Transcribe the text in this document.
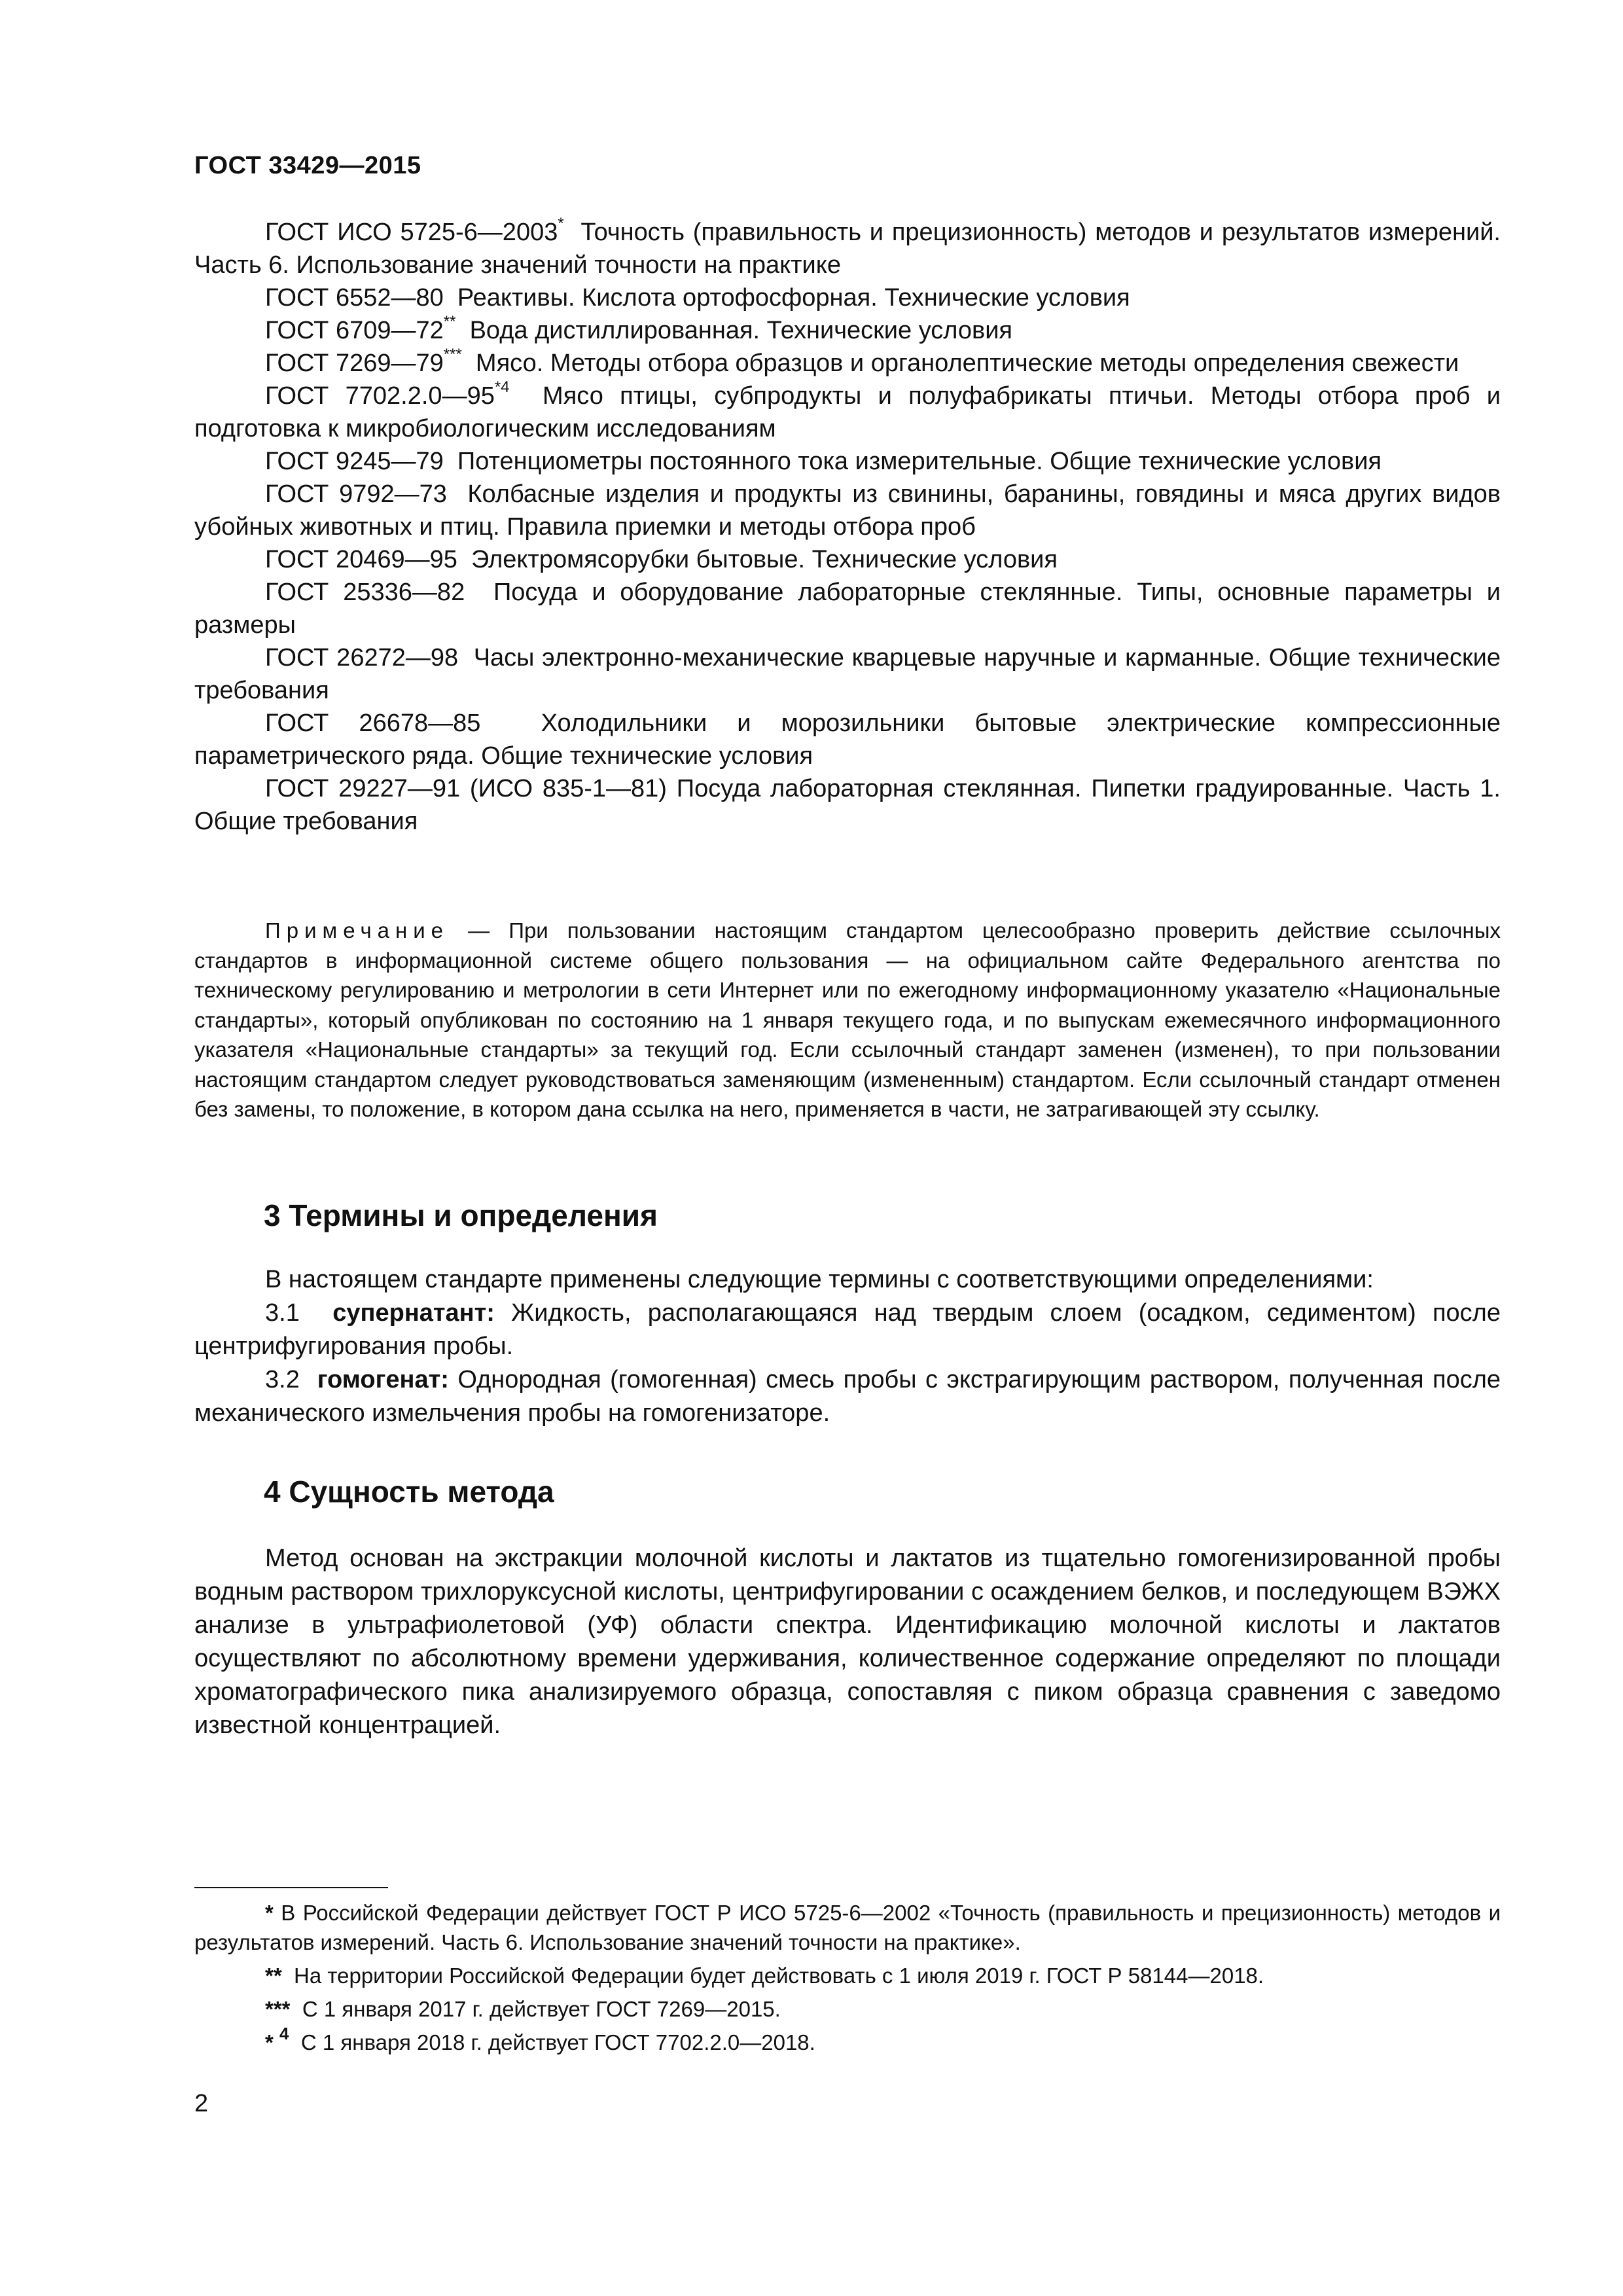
ГОСТ 33429—2015

ГОСТ ИСО 5725-6—2003* Точность (правильность и прецизионность) методов и результатов измерений. Часть 6. Использование значений точности на практике

ГОСТ 6552—80 Реактивы. Кислота ортофосфорная. Технические условия

ГОСТ 6709—72** Вода дистиллированная. Технические условия

ГОСТ 7269—79*** Мясо. Методы отбора образцов и органолептические методы определения свежести

ГОСТ 7702.2.0—95$^{*4}$ Мясо птицы, субпродукты и полуфабрикаты птичьи. Методы отбора проб и подготовка к микробиологическим исследованиям

ГОСТ 9245—79 Потенциометры постоянного тока измерительные. Общие технические условия

ГОСТ 9792—73 Колбасные изделия и продукты из свинины, баранины, говядины и мяса других видов убойных животных и птиц. Правила приемки и методы отбора проб

ГОСТ 20469—95 Электромясорубки бытовые. Технические условия

ГОСТ 25336—82 Посуда и оборудование лабораторные стеклянные. Типы, основные параметры и размеры

ГОСТ 26272—98 Часы электронно-механические кварцевые наручные и карманные. Общие технические требования

ГОСТ 26678—85 Холодильники и морозильники бытовые электрические компрессионные параметрического ряда. Общие технические условия

ГОСТ 29227—91 (ИСО 835-1—81) Посуда лабораторная стеклянная. Пипетки градуированные. Часть 1. Общие требования

Примечание — При пользовании настоящим стандартом целесообразно проверить действие ссылочных стандартов в информационной системе общего пользования — на официальном сайте Федерального агентства по техническому регулированию и метрологии в сети Интернет или по ежегодному информационному указателю «Национальные стандарты», который опубликован по состоянию на 1 января текущего года, и по выпускам ежемесячного информационного указателя «Национальные стандарты» за текущий год. Если ссылочный стандарт заменен (изменен), то при пользовании настоящим стандартом следует руководствоваться заменяющим (измененным) стандартом. Если ссылочный стандарт отменен без замены, то положение, в котором дана ссылка на него, применяется в части, не затрагивающей эту ссылку.

3 Термины и определения

В настоящем стандарте применены следующие термины с соответствующими определениями:

3.1 супернатант: Жидкость, располагающаяся над твердым слоем (осадком, седиментом) после центрифугирования пробы.

3.2 гомогенат: Однородная (гомогенная) смесь пробы с экстрагирующим раствором, полученная после механического измельчения пробы на гомогенизаторе.

4 Сущность метода

Метод основан на экстракции молочной кислоты и лактатов из тщательно гомогенизированной пробы водным раствором трихлоруксусной кислоты, центрифугировании с осаждением белков, и последующем ВЭЖХ анализе в ультрафиолетовой (УФ) области спектра. Идентификацию молочной кислоты и лактатов осуществляют по абсолютному времени удерживания, количественное содержание определяют по площади хроматографического пика анализируемого образца, сопоставляя с пиком образца сравнения с заведомо известной концентрацией.

* В Российской Федерации действует ГОСТ Р ИСО 5725-6—2002 «Точность (правильность и прецизионность) методов и результатов измерений. Часть 6. Использование значений точности на практике».

** На территории Российской Федерации будет действовать с 1 июля 2019 г. ГОСТ Р 58144—2018.

*** С 1 января 2017 г. действует ГОСТ 7269—2015.

* $^4$ С 1 января 2018 г. действует ГОСТ 7702.2.0—2018.

2
